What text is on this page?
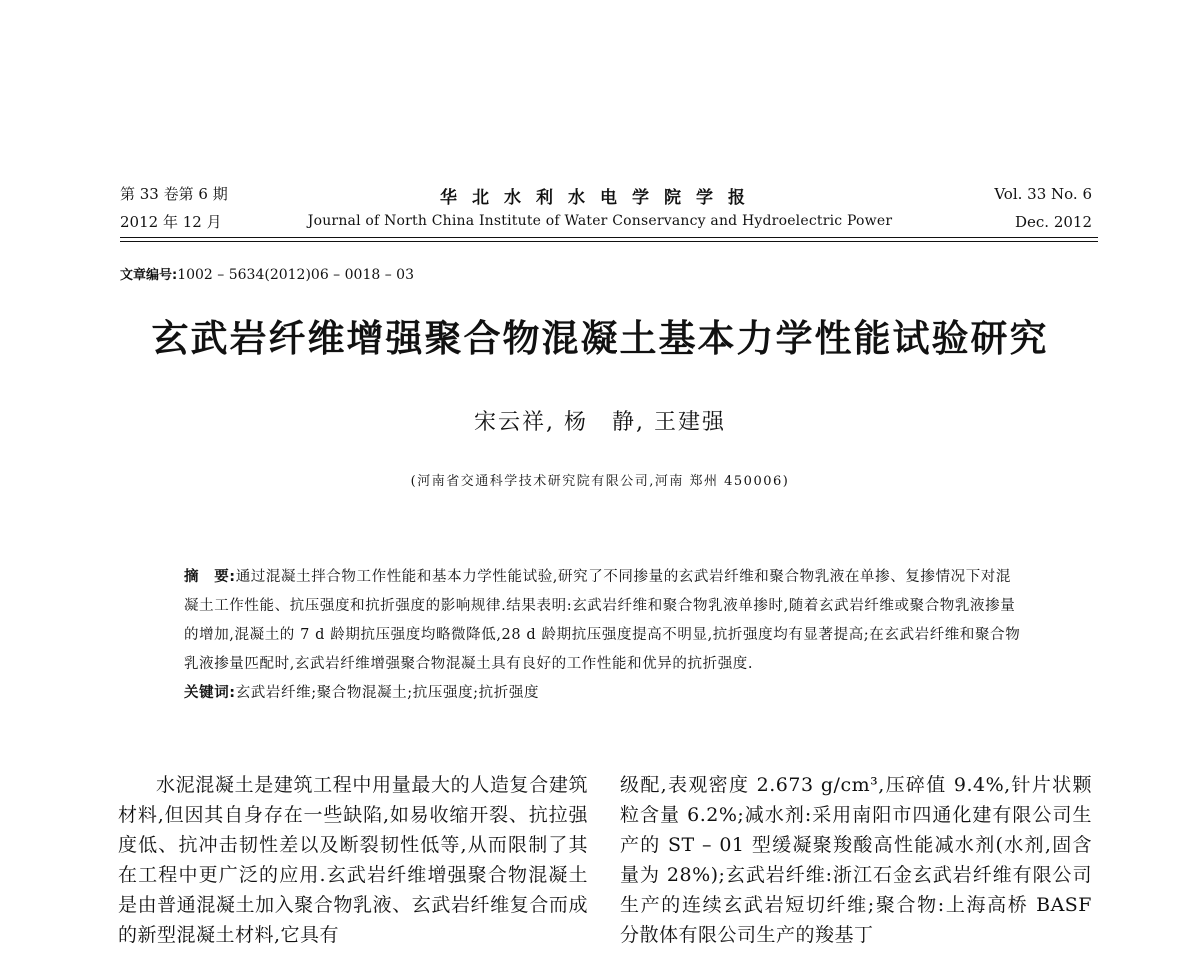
第 33 卷第 6 期
2012 年 12 月
华北水利水电学院学报
Journal of North China Institute of Water Conservancy and Hydroelectric Power
Vol. 33 No. 6
Dec. 2012
文章编号:1002 – 5634(2012)06 – 0018 – 03
玄武岩纤维增强聚合物混凝土基本力学性能试验研究
宋云祥, 杨　静, 王建强
(河南省交通科学技术研究院有限公司,河南 郑州 450006)

摘　要:通过混凝土拌合物工作性能和基本力学性能试验,研究了不同掺量的玄武岩纤维和聚合物乳液在单掺、复掺情况下对混凝土工作性能、抗压强度和抗折强度的影响规律.结果表明:玄武岩纤维和聚合物乳液单掺时,随着玄武岩纤维或聚合物乳液掺量的增加,混凝土的 7 d 龄期抗压强度均略微降低,28 d 龄期抗压强度提高不明显,抗折强度均有显著提高;在玄武岩纤维和聚合物乳液掺量匹配时,玄武岩纤维增强聚合物混凝土具有良好的工作性能和优异的抗折强度.

关键词:玄武岩纤维;聚合物混凝土;抗压强度;抗折强度

水泥混凝土是建筑工程中用量最大的人造复合建筑材料,但因其自身存在一些缺陷,如易收缩开裂、抗拉强度低、抗冲击韧性差以及断裂韧性低等,从而限制了其在工程中更广泛的应用.玄武岩纤维增强聚合物混凝土是由普通混凝土加入聚合物乳液、玄武岩纤维复合而成的新型混凝土材料,它具有

级配,表观密度 2.673 g/cm³,压碎值 9.4%,针片状颗粒含量 6.2%;减水剂:采用南阳市四通化建有限公司生产的 ST – 01 型缓凝聚羧酸高性能减水剂(水剂,固含量为 28%);玄武岩纤维:浙江石金玄武岩纤维有限公司生产的连续玄武岩短切纤维;聚合物:上海高桥 BASF 分散体有限公司生产的羧基丁
